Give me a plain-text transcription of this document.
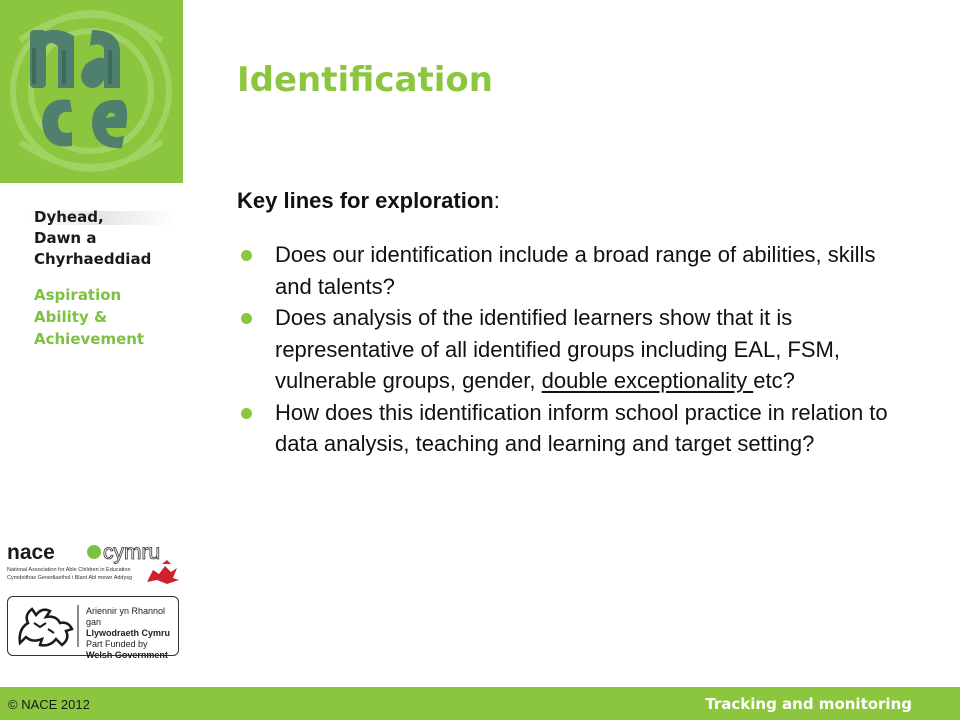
Dyhead,
Dawn a
Chyrhaeddiad
Aspiration
Ability &
Achievement
Identification

Key lines for exploration:

Does our identification include a broad range of abilities, skills and talents?
Does analysis of the identified learners show that it is representative of all identified groups including EAL, FSM, vulnerable groups, gender, double exceptionality etc?
How does this identification inform school practice in relation to data analysis, teaching and learning and target setting?
nace cymru
National Association for Able Children in Education
Cymdeithas Genedlaethol i Blant Abl mewn Addysg
Ariennir yn Rhannol gan
Llywodraeth Cymru
Part Funded by
Welsh Government
© NACE 2012	Tracking and monitoring
